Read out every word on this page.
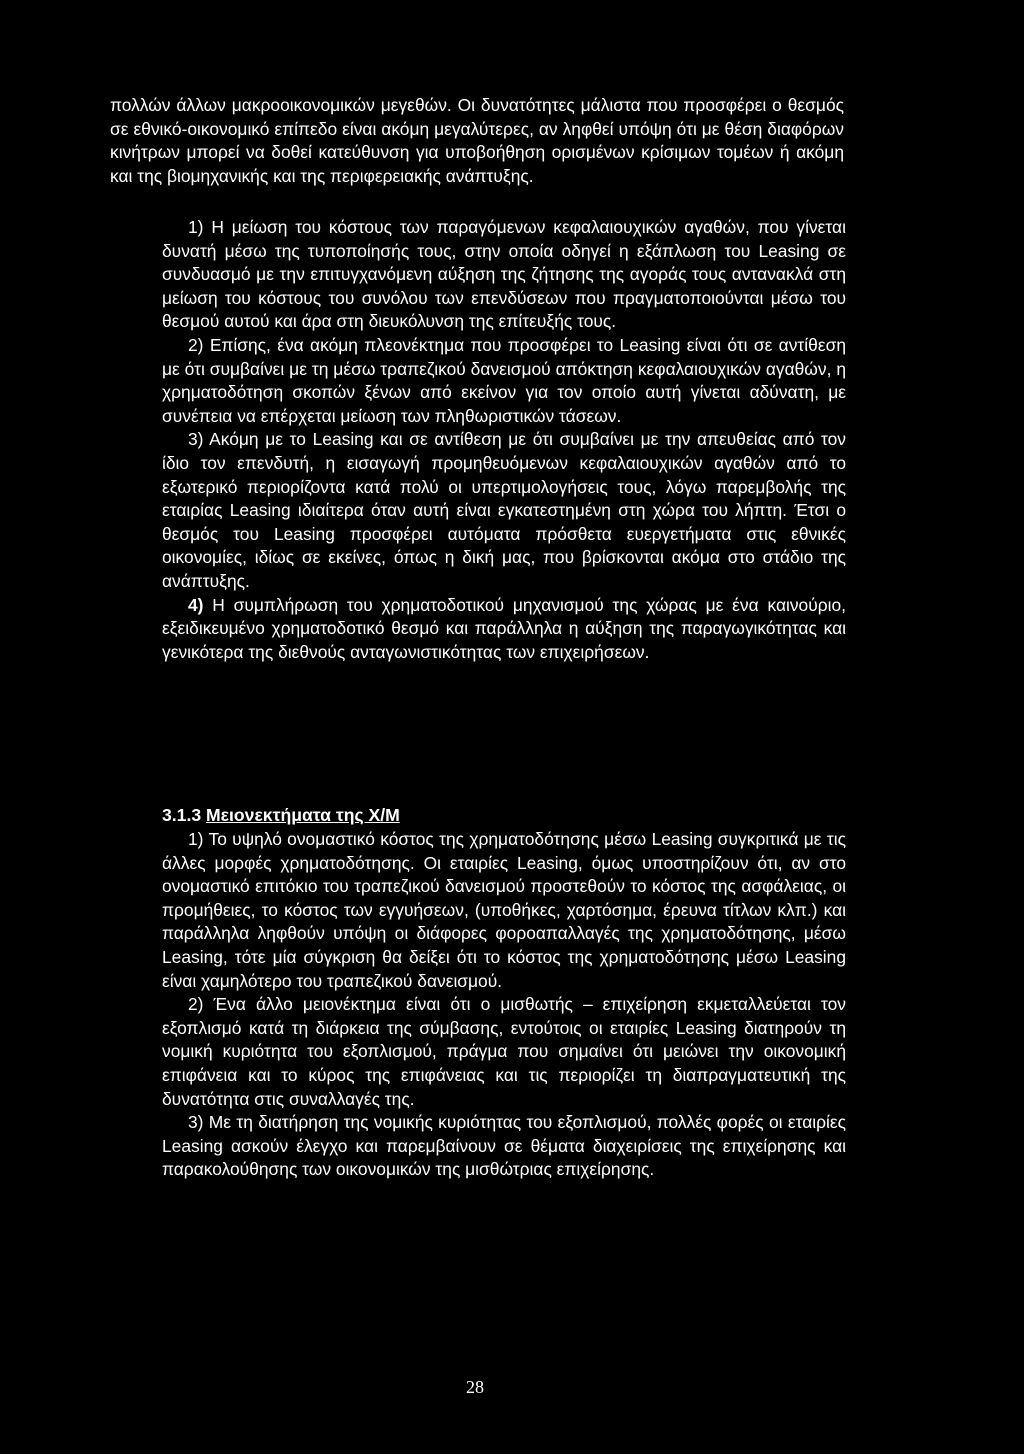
πολλών άλλων μακροοικονομικών μεγεθών. Οι δυνατότητες μάλιστα που προσφέρει ο θεσμός σε εθνικό-οικονομικό επίπεδο είναι ακόμη μεγαλύτερες, αν ληφθεί υπόψη ότι με θέση διαφόρων κινήτρων μπορεί να δοθεί κατεύθυνση για υποβοήθηση ορισμένων κρίσιμων τομέων ή ακόμη και της βιομηχανικής και της περιφερειακής ανάπτυξης.

1) Η μείωση του κόστους των παραγόμενων κεφαλαιουχικών αγαθών, που γίνεται δυνατή μέσω της τυποποίησής τους, στην οποία οδηγεί η εξάπλωση του Leasing σε συνδυασμό με την επιτυγχανόμενη αύξηση της ζήτησης της αγοράς τους αντανακλά στη μείωση του κόστους του συνόλου των επενδύσεων που πραγματοποιούνται μέσω του θεσμού αυτού και άρα στη διευκόλυνση της επίτευξής τους.

2) Επίσης, ένα ακόμη πλεονέκτημα που προσφέρει το Leasing είναι ότι σε αντίθεση με ότι συμβαίνει με τη μέσω τραπεζικού δανεισμού απόκτηση κεφαλαιουχικών αγαθών, η χρηματοδότηση σκοπών ξένων από εκείνον για τον οποίο αυτή γίνεται αδύνατη, με συνέπεια να επέρχεται μείωση των πληθωριστικών τάσεων.

3) Ακόμη με το Leasing και σε αντίθεση με ότι συμβαίνει με την απευθείας από τον ίδιο τον επενδυτή, η εισαγωγή προμηθευόμενων κεφαλαιουχικών αγαθών από το εξωτερικό περιορίζοντα κατά πολύ οι υπερτιμολογήσεις τους, λόγω παρεμβολής της εταιρίας Leasing ιδιαίτερα όταν αυτή είναι εγκατεστημένη στη χώρα του λήπτη. Έτσι ο θεσμός του Leasing προσφέρει αυτόματα πρόσθετα ευεργετήματα στις εθνικές οικονομίες, ιδίως σε εκείνες, όπως η δική μας, που βρίσκονται ακόμα στο στάδιο της ανάπτυξης.

4) Η συμπλήρωση του χρηματοδοτικού μηχανισμού της χώρας με ένα καινούριο, εξειδικευμένο χρηματοδοτικό θεσμό και παράλληλα η αύξηση της παραγωγικότητας και γενικότερα της διεθνούς ανταγωνιστικότητας των επιχειρήσεων.

3.1.3 Μειονεκτήματα της Χ/Μ

1) Το υψηλό ονομαστικό κόστος της χρηματοδότησης μέσω Leasing συγκριτικά με τις άλλες μορφές χρηματοδότησης. Οι εταιρίες Leasing, όμως υποστηρίζουν ότι, αν στο ονομαστικό επιτόκιο του τραπεζικού δανεισμού προστεθούν το κόστος της ασφάλειας, οι προμήθειες, το κόστος των εγγυήσεων, (υποθήκες, χαρτόσημα, έρευνα τίτλων κλπ.) και παράλληλα ληφθούν υπόψη οι διάφορες φοροαπαλλαγές της χρηματοδότησης, μέσω Leasing, τότε μία σύγκριση θα δείξει ότι το κόστος της χρηματοδότησης μέσω Leasing είναι χαμηλότερο του τραπεζικού δανεισμού.

2) Ένα άλλο μειονέκτημα είναι ότι ο μισθωτής – επιχείρηση εκμεταλλεύεται τον εξοπλισμό κατά τη διάρκεια της σύμβασης, εντούτοις οι εταιρίες Leasing διατηρούν τη νομική κυριότητα του εξοπλισμού, πράγμα που σημαίνει ότι μειώνει την οικονομική επιφάνεια και το κύρος της επιφάνειας και τις περιορίζει τη διαπραγματευτική της δυνατότητα στις συναλλαγές της.

3) Με τη διατήρηση της νομικής κυριότητας του εξοπλισμού, πολλές φορές οι εταιρίες Leasing ασκούν έλεγχο και παρεμβαίνουν σε θέματα διαχειρίσεις της επιχείρησης και παρακολούθησης των οικονομικών της μισθώτριας επιχείρησης.

28
